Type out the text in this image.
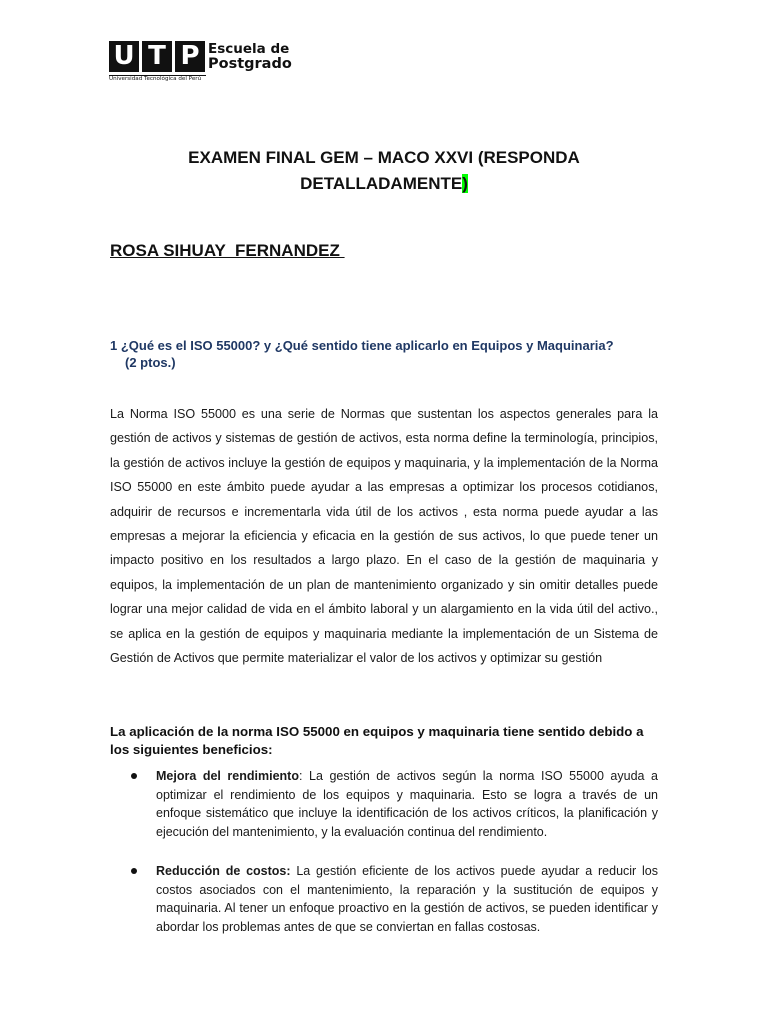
U T P Escuela de
Postgrado
Universidad Tecnológica del Perú
EXAMEN FINAL GEM – MACO XXVI (RESPONDA DETALLADAMENTE)
ROSA SIHUAY  FERNANDEZ
1 ¿Qué es el ISO 55000? y ¿Qué sentido tiene aplicarlo en Equipos y Maquinaria?
(2 ptos.)
La Norma ISO 55000 es una serie de Normas que sustentan los aspectos generales para la gestión de activos y sistemas de gestión de activos, esta norma define la terminología, principios, la gestión de activos incluye la gestión de equipos y maquinaria, y la implementación de la Norma ISO 55000 en este ámbito puede ayudar a las empresas a optimizar los procesos cotidianos, adquirir de recursos e incrementarla vida útil de los activos , esta norma puede ayudar a las empresas a mejorar la eficiencia y eficacia en la gestión de sus activos, lo que puede tener un impacto positivo en los resultados a largo plazo. En el caso de la gestión de maquinaria y equipos, la implementación de un plan de mantenimiento organizado y sin omitir detalles puede lograr una mejor calidad de vida en el ámbito laboral y un alargamiento en la vida útil del activo., se aplica en la gestión de equipos y maquinaria mediante la implementación de un Sistema de Gestión de Activos que permite materializar el valor de los activos y optimizar su gestión
La aplicación de la norma ISO 55000 en equipos y maquinaria tiene sentido debido a los siguientes beneficios:
Mejora del rendimiento: La gestión de activos según la norma ISO 55000 ayuda a optimizar el rendimiento de los equipos y maquinaria. Esto se logra a través de un enfoque sistemático que incluye la identificación de los activos críticos, la planificación y ejecución del mantenimiento, y la evaluación continua del rendimiento.
Reducción de costos: La gestión eficiente de los activos puede ayudar a reducir los costos asociados con el mantenimiento, la reparación y la sustitución de equipos y maquinaria. Al tener un enfoque proactivo en la gestión de activos, se pueden identificar y abordar los problemas antes de que se conviertan en fallas costosas.
